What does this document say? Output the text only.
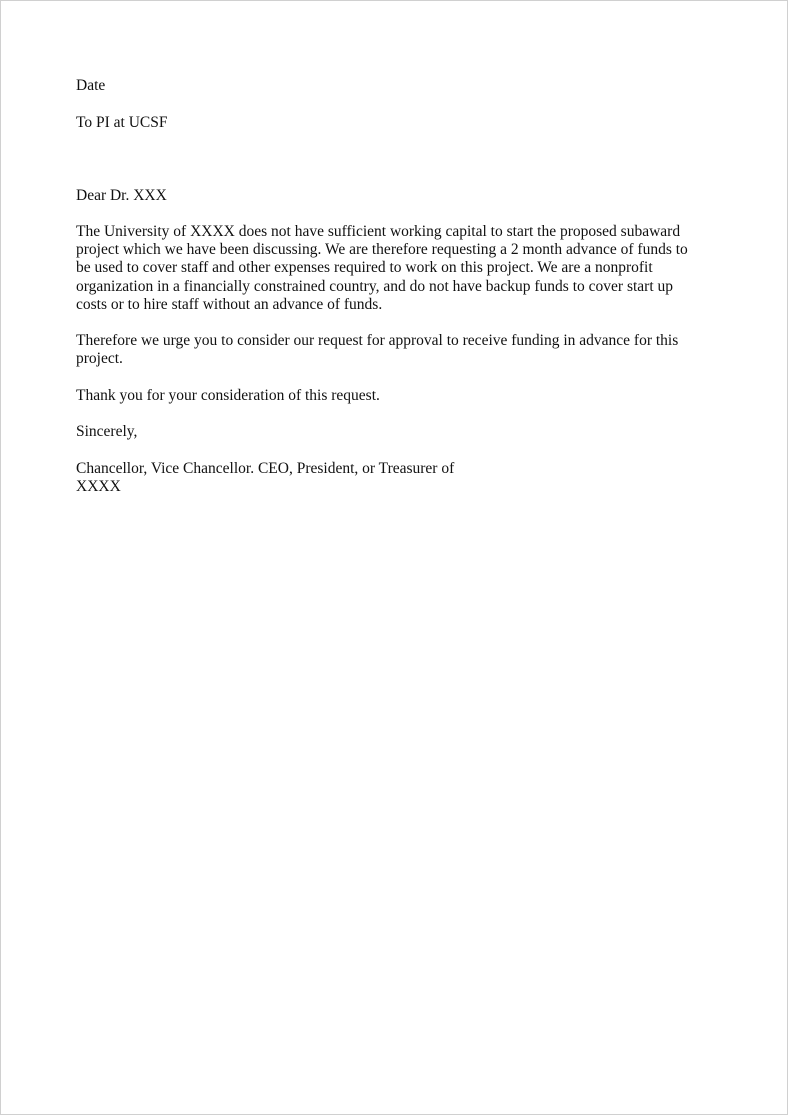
Date
To PI at UCSF
Dear Dr. XXX
The University of XXXX does not have sufficient working capital to start the proposed subaward
project which we have been discussing. We are therefore requesting a 2 month advance of funds to
be used to cover staff and other expenses required to work on this project. We are a nonprofit
organization in a financially constrained country, and do not have backup funds to cover start up
costs or to hire staff without an advance of funds.
Therefore we urge you to consider our request for approval to receive funding in advance for this
project.
Thank you for your consideration of this request.
Sincerely,
Chancellor, Vice Chancellor. CEO, President, or Treasurer of
XXXX
